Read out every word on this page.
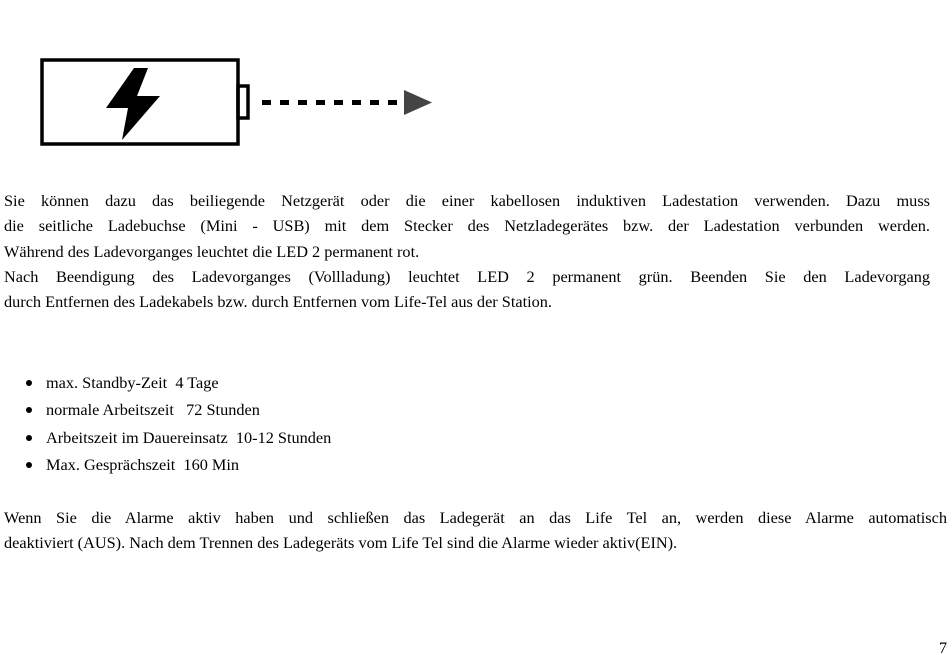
Sie können dazu das beiliegende Netzgerät oder die einer kabellosen induktiven Ladestation verwenden. Dazu muss
die seitliche Ladebuchse (Mini - USB) mit dem Stecker des Netzladegerätes bzw. der Ladestation verbunden werden.
Während des Ladevorganges leuchtet die LED 2 permanent rot.
Nach Beendigung des Ladevorganges (Vollladung) leuchtet LED 2 permanent grün. Beenden Sie den Ladevorgang
durch Entfernen des Ladekabels bzw. durch Entfernen vom Life-Tel aus der Station.
max. Standby-Zeit  4 Tage
normale Arbeitszeit   72 Stunden
Arbeitszeit im Dauereinsatz  10-12 Stunden
Max. Gesprächszeit  160 Min
Wenn Sie die Alarme aktiv haben und schließen das Ladegerät an das Life Tel an, werden diese Alarme automatisch
deaktiviert (AUS). Nach dem Trennen des Ladegeräts vom Life Tel sind die Alarme wieder aktiv(EIN).
7
